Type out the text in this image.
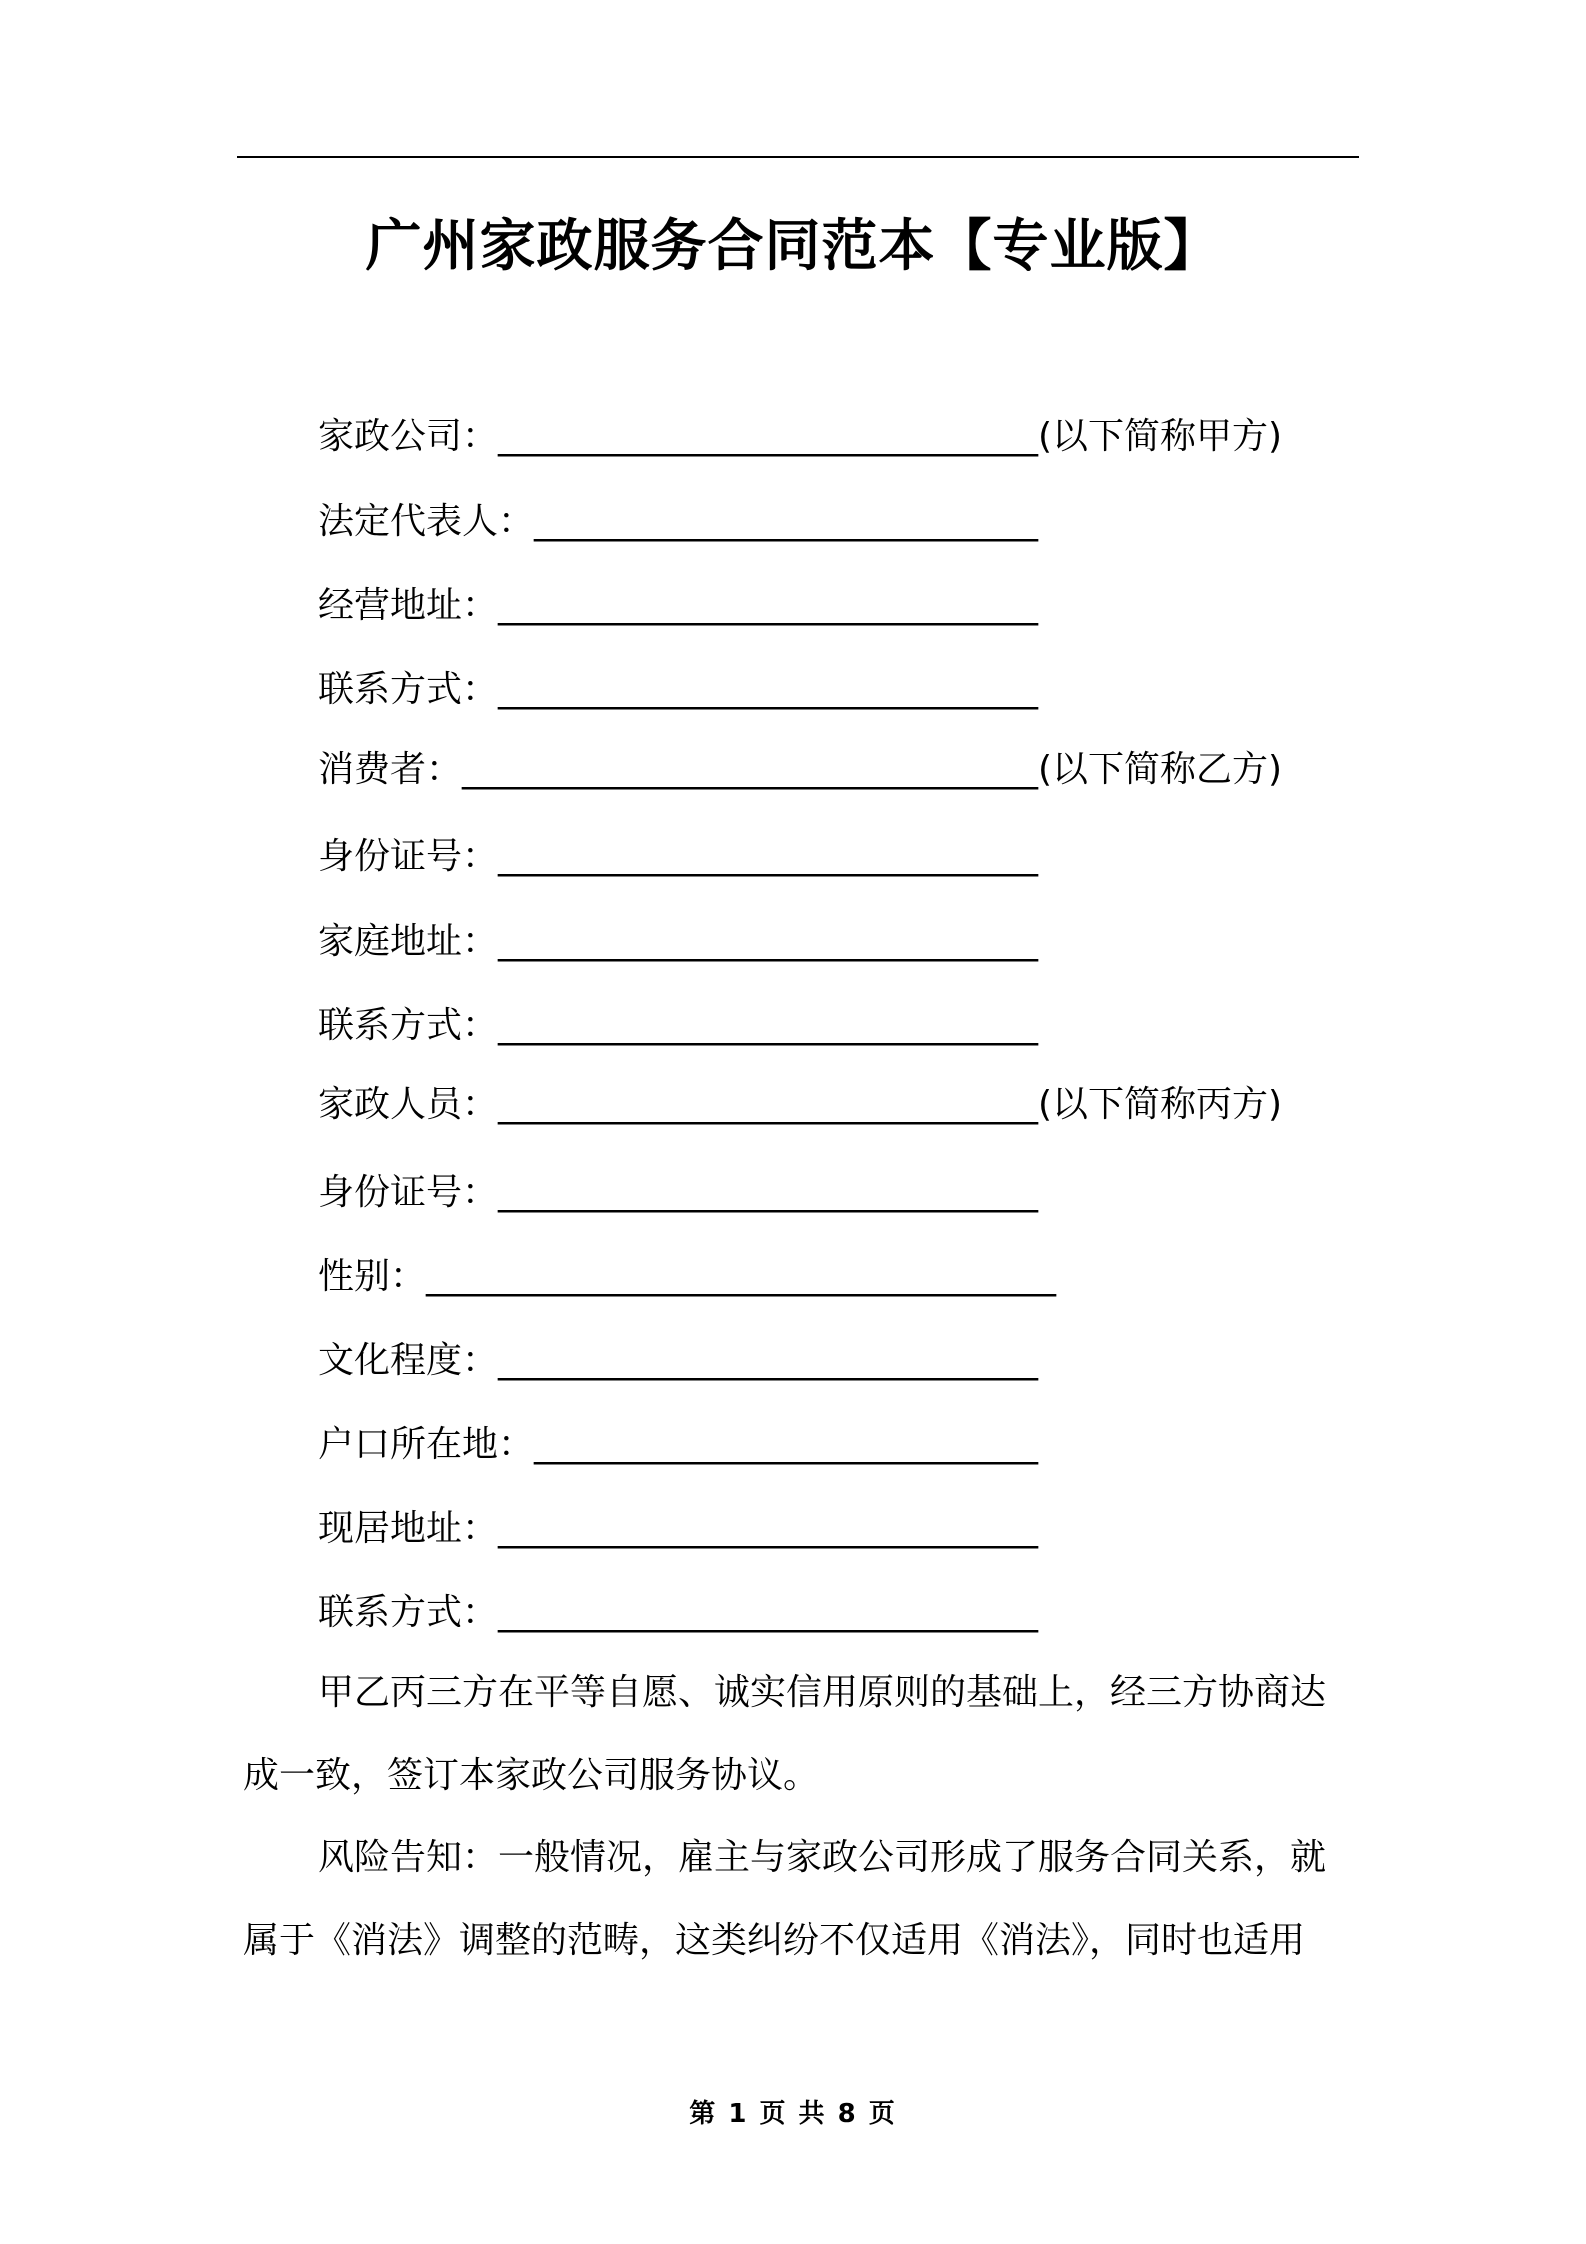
广州家政服务合同范本【专业版】
家政公司：______________________________(以下简称甲方)
法定代表人：____________________________
经营地址：______________________________
联系方式：______________________________
消费者：________________________________(以下简称乙方)
身份证号：______________________________
家庭地址：______________________________
联系方式：______________________________
家政人员：______________________________(以下简称丙方)
身份证号：______________________________
性别：___________________________________
文化程度：______________________________
户口所在地：____________________________
现居地址：______________________________
联系方式：______________________________
甲乙丙三方在平等自愿、诚实信用原则的基础上，经三方协商达
成一致，签订本家政公司服务协议。
风险告知：一般情况，雇主与家政公司形成了服务合同关系，就
属于《消法》调整的范畴，这类纠纷不仅适用《消法》，同时也适用
第 1 页 共 8 页
